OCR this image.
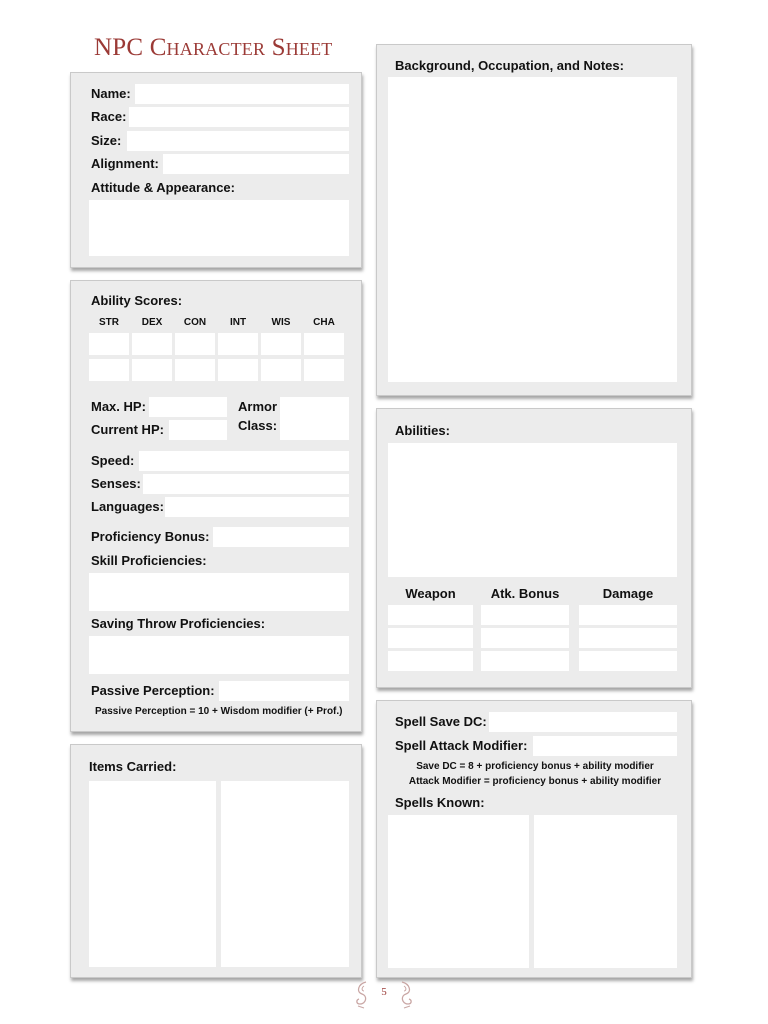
NPC Character Sheet
Name:
Race:
Size:
Alignment:
Attitude & Appearance:
Ability Scores:
STR	DEX	CON	INT	WIS	CHA
Max. HP:
Current HP:
Armor
Class:
Speed:
Senses:
Languages:
Proficiency Bonus:
Skill Proficiencies:
Saving Throw Proficiencies:
Passive Perception:
Passive Perception = 10 + Wisdom modifier (+ Prof.)
Items Carried:
Background, Occupation, and Notes:
Abilities:
Weapon	Atk. Bonus	Damage
Spell Save DC:
Spell Attack Modifier:
Save DC = 8 + proficiency bonus + ability modifier
Attack Modifier = proficiency bonus + ability modifier
Spells Known:
5
